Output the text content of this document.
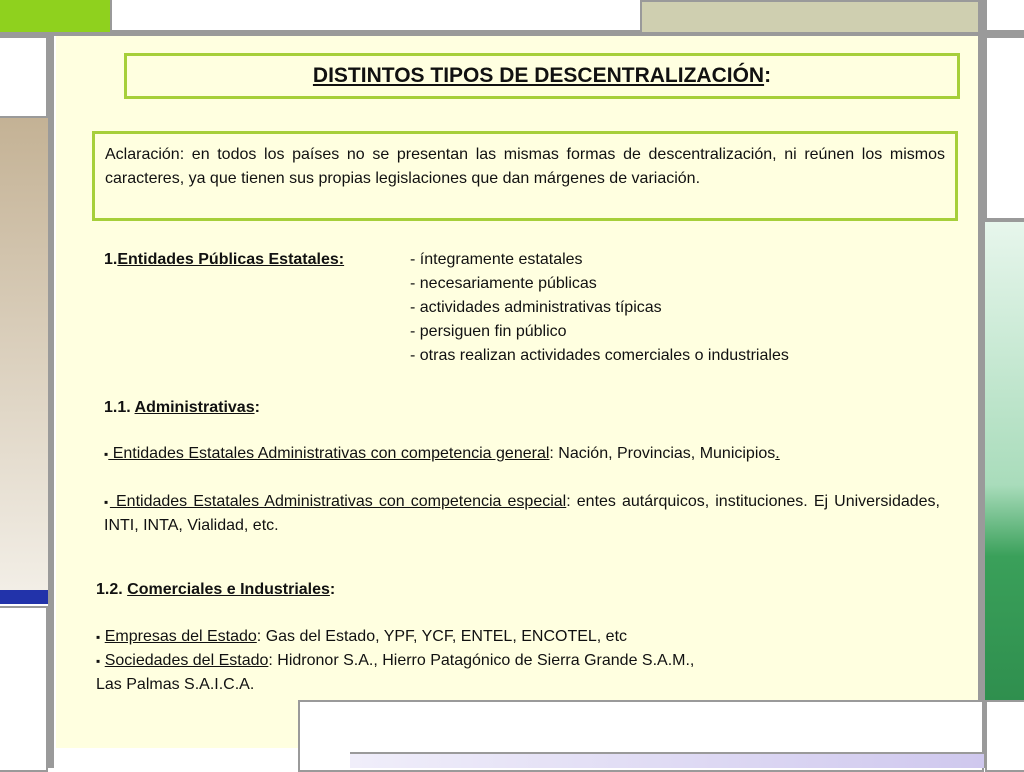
DISTINTOS TIPOS DE DESCENTRALIZACIÓN:
Aclaración: en todos los países no se presentan las mismas formas de descentralización, ni reúnen los mismos caracteres, ya que tienen sus propias legislaciones que dan márgenes de variación.
1.Entidades Públicas Estatales:	- íntegramente estatales
- necesariamente públicas
- actividades administrativas típicas
- persiguen fin público
- otras realizan actividades comerciales o industriales
1.1. Administrativas:
▪ Entidades Estatales Administrativas con competencia general: Nación, Provincias, Municipios.
▪ Entidades Estatales Administrativas con competencia especial: entes autárquicos, instituciones. Ej Universidades, INTI, INTA, Vialidad, etc.
1.2. Comerciales e Industriales:
▪ Empresas del Estado: Gas del Estado, YPF, YCF, ENTEL, ENCOTEL, etc
▪ Sociedades del Estado: Hidronor S.A., Hierro Patagónico de Sierra Grande S.A.M.,
Las Palmas S.A.I.C.A.
